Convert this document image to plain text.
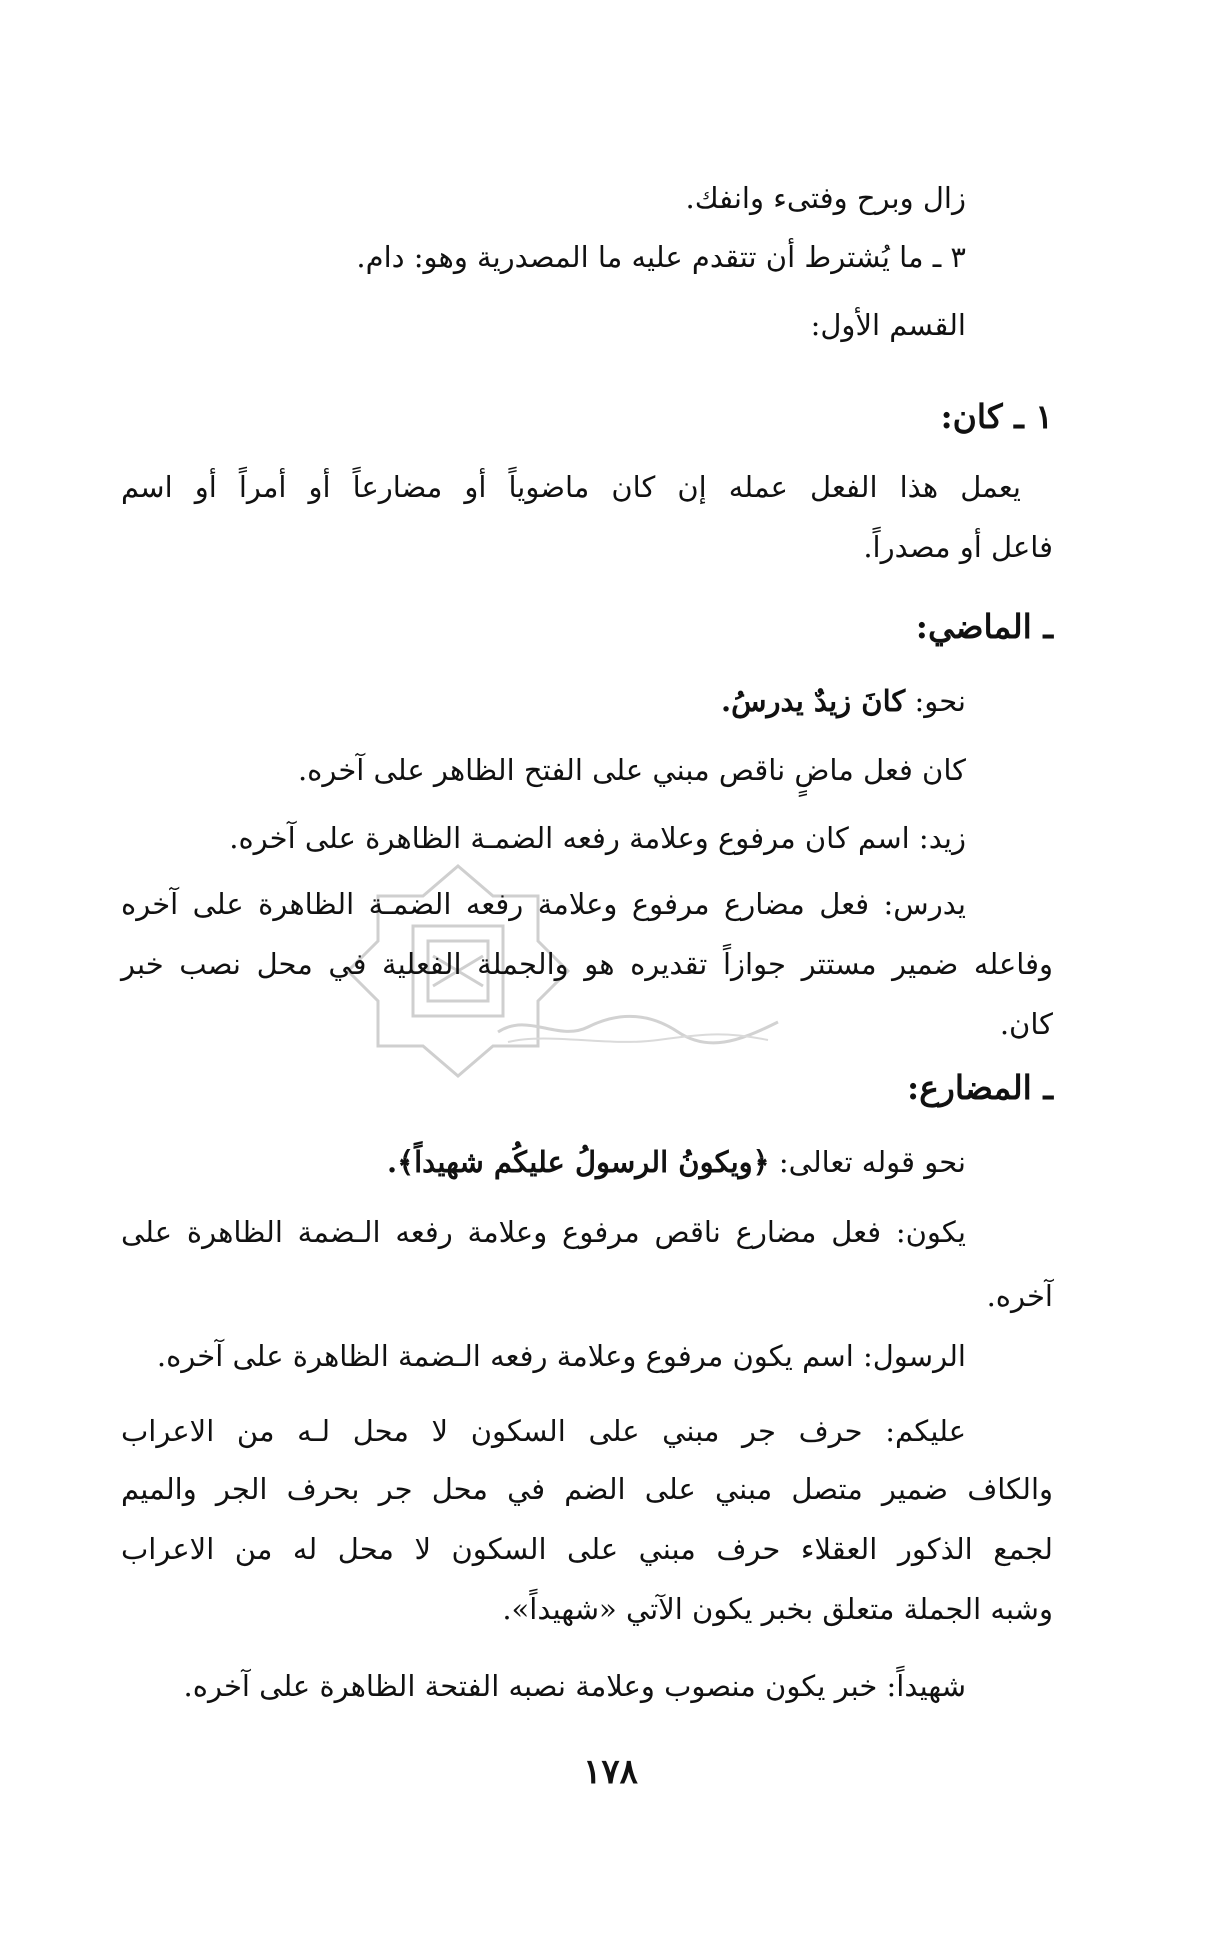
زال وبرح وفتىء وانفك.
٣ ـ ما يُشترط أن تتقدم عليه ما المصدرية وهو: دام.
القسم الأول:
١ ـ كان:
يعمل هذا الفعل عمله إن كان ماضوياً أو مضارعاً أو أمراً أو اسم
فاعل أو مصدراً.
ـ الماضي:
نحو: كانَ زيدٌ يدرسُ.
كان فعل ماضٍ ناقص مبني على الفتح الظاهر على آخره.
زيد: اسم كان مرفوع وعلامة رفعه الضمـة الظاهرة على آخره.
يدرس: فعل مضارع مرفوع وعلامة رفعه الضمـة الظاهرة على آخره
وفاعله ضمير مستتر جوازاً تقديره هو والجملة الفعلية في محل نصب خبر
كان.
ـ المضارع:
نحو قوله تعالى: ﴿ويكونُ الرسولُ عليكُم شهيداً﴾.
يكون: فعل مضارع ناقص مرفوع وعلامة رفعه الـضمة الظاهرة على
آخره.
الرسول: اسم يكون مرفوع وعلامة رفعه الـضمة الظاهرة على آخره.
عليكم: حرف جر مبني على السكون لا محل لـه من الاعراب
والكاف ضمير متصل مبني على الضم في محل جر بحرف الجر والميم
لجمع الذكور العقلاء حرف مبني على السكون لا محل له من الاعراب
وشبه الجملة متعلق بخبر يكون الآتي «شهيداً».
شهيداً: خبر يكون منصوب وعلامة نصبه الفتحة الظاهرة على آخره.
١٧٨
